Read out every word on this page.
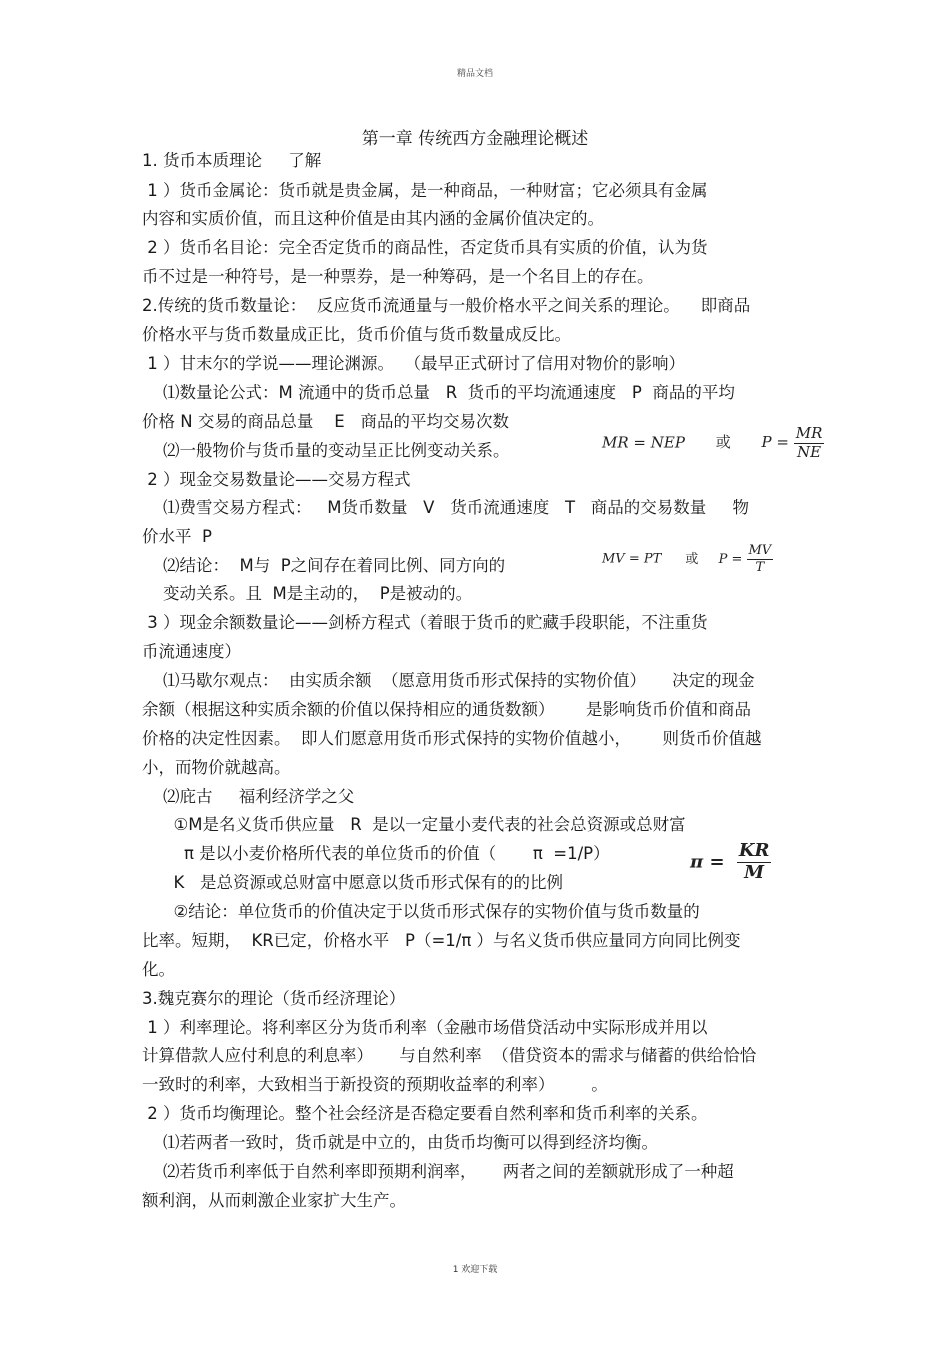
精品文档
第一章 传统西方金融理论概述
1. 货币本质理论     了解
1 ）货币金属论：货币就是贵金属，是一种商品，一种财富；它必须具有金属
内容和实质价值，而且这种价值是由其内涵的金属价值决定的。
2 ）货币名目论：完全否定货币的商品性，否定货币具有实质的价值，认为货
币不过是一种符号，是一种票券，是一种筹码，是一个名目上的存在。
2.传统的货币数量论：  反应货币流通量与一般价格水平之间关系的理论。    即商品
价格水平与货币数量成正比，货币价值与货币数量成反比。
1 ）甘末尔的学说——理论渊源。  （最早正式研讨了信用对物价的影响）
⑴数量论公式：M 流通中的货币总量   R  货币的平均流通速度   P  商品的平均
价格 N 交易的商品总量    E   商品的平均交易次数
⑵一般物价与货币量的变动呈正比例变动关系。
2 ）现金交易数量论——交易方程式
⑴费雪交易方程式：   M货币数量   V   货币流通速度   T   商品的交易数量     物
价水平  P
⑵结论：  M与  P之间存在着同比例、同方向的
变动关系。且  M是主动的，  P是被动的。
3 ）现金余额数量论——剑桥方程式（着眼于货币的贮藏手段职能，不注重货
币流通速度）
⑴马歇尔观点：  由实质余额  （愿意用货币形式保持的实物价值）     决定的现金
余额（根据这种实质余额的价值以保持相应的通货数额）      是影响货币价值和商品
价格的决定性因素。  即人们愿意用货币形式保持的实物价值越小，      则货币价值越
小，而物价就越高。
⑵庇古     福利经济学之父
①M是名义货币供应量   R  是以一定量小麦代表的社会总资源或总财富
π 是以小麦价格所代表的单位货币的价值（       π  =1/P）
K   是总资源或总财富中愿意以货币形式保有的的比例
②结论：单位货币的价值决定于以货币形式保存的实物价值与货币数量的
比率。短期，  KR已定，价格水平   P（=1/π ）与名义货币供应量同方向同比例变
化。
3.魏克赛尔的理论（货币经济理论）
1 ）利率理论。将利率区分为货币利率（金融市场借贷活动中实际形成并用以
计算借款人应付利息的利息率）     与自然利率  （借贷资本的需求与储蓄的供给恰恰
一致时的利率，大致相当于新投资的预期收益率的利率）       。
2 ）货币均衡理论。整个社会经济是否稳定要看自然利率和货币利率的关系。
⑴若两者一致时，货币就是中立的，由货币均衡可以得到经济均衡。
⑵若货币利率低于自然利率即预期利润率，     两者之间的差额就形成了一种超
额利润，从而刺激企业家扩大生产。
MR = NEP 或 $P = \frac{MR}{NE}$
MV = PT 或 $P = \frac{MV}{T}$
$\pi = \frac{KR}{M}$
1 欢迎下载
